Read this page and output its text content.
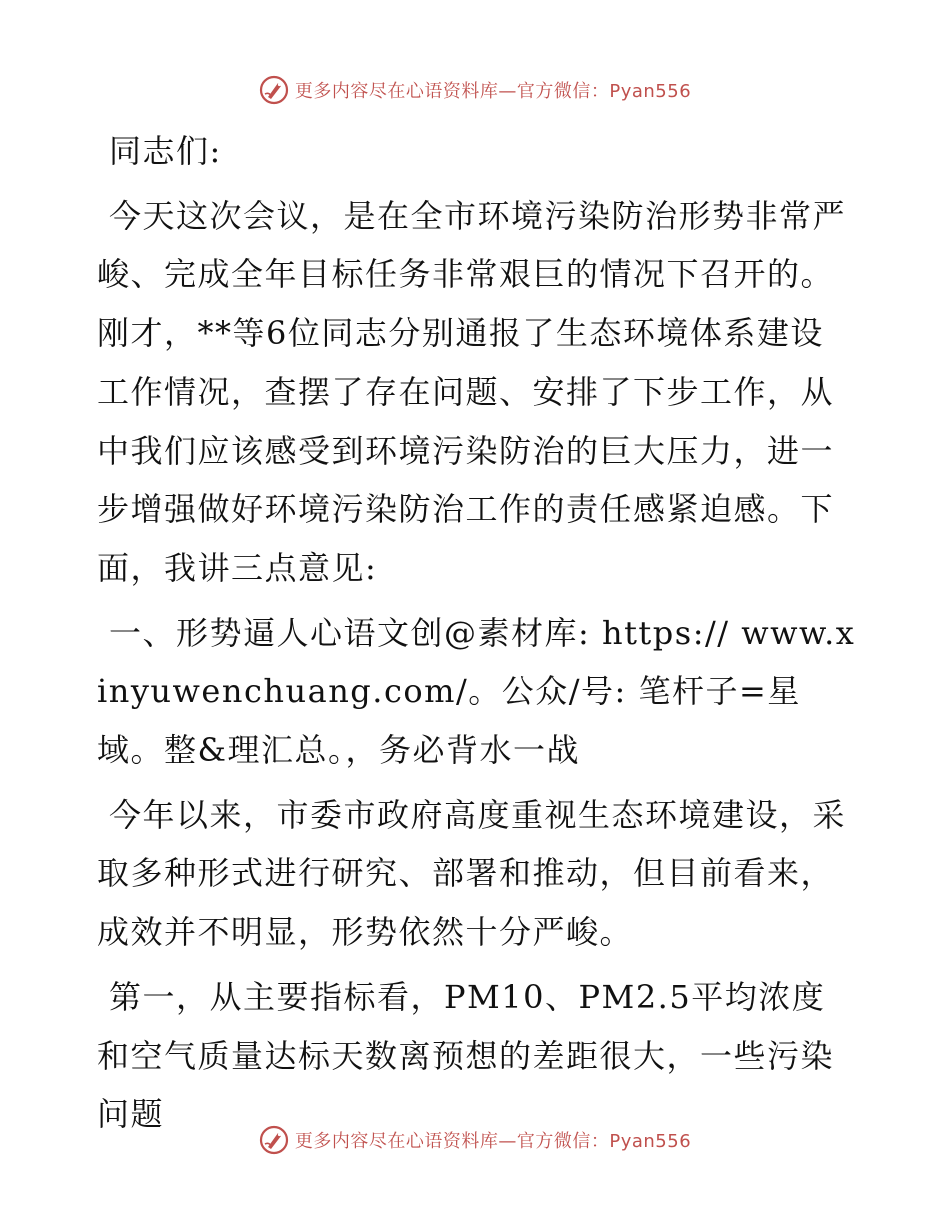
更多内容尽在心语资料库—官方微信：Pyan556

同志们:

今天这次会议，是在全市环境污染防治形势非常严峻、完成全年目标任务非常艰巨的情况下召开的。刚才，**等6位同志分别通报了生态环境体系建设工作情况，查摆了存在问题、安排了下步工作，从中我们应该感受到环境污染防治的巨大压力，进一步增强做好环境污染防治工作的责任感紧迫感。下面，我讲三点意见:

一、形势逼人心语文创@素材库: https:// www.xinyuwenchuang.com/。公众/号: 笔杆子=星域。整&理汇总。，务必背水一战

今年以来，市委市政府高度重视生态环境建设，采取多种形式进行研究、部署和推动，但目前看来，成效并不明显，形势依然十分严峻。

第一，从主要指标看，PM10、PM2.5平均浓度和空气质量达标天数离预想的差距很大，一些污染问题

更多内容尽在心语资料库—官方微信：Pyan556
